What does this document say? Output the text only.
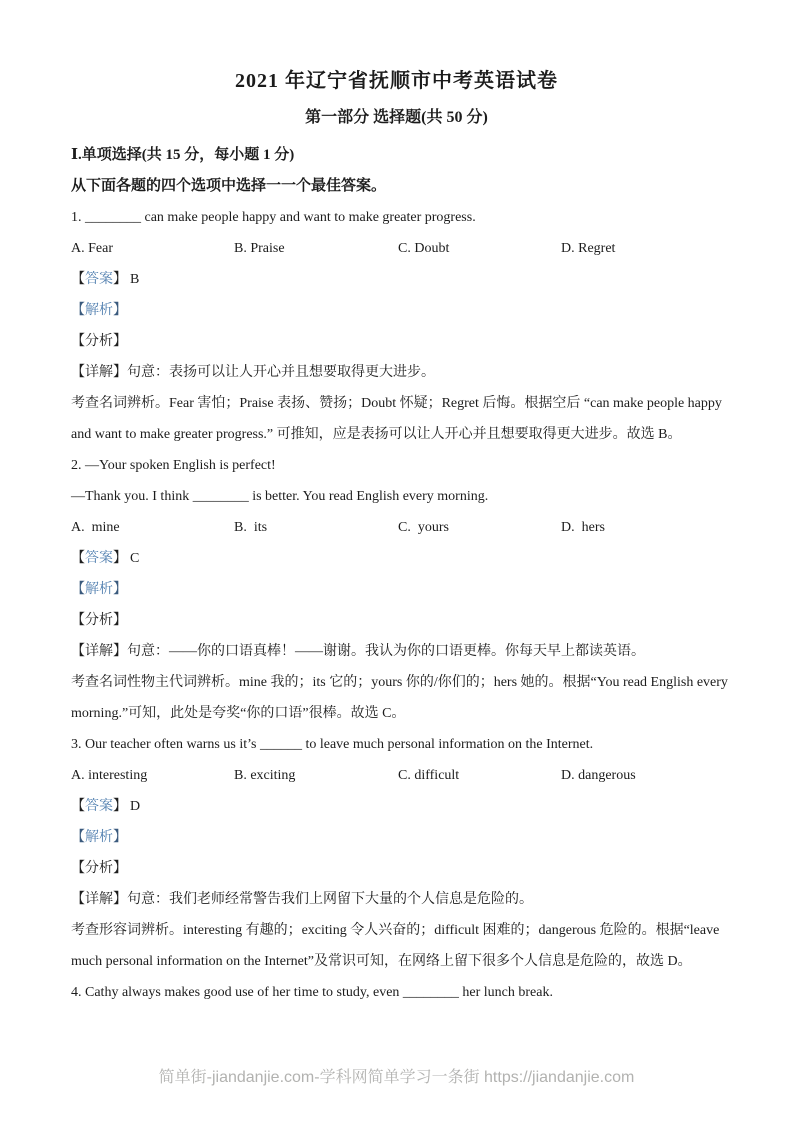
2021 年辽宁省抚顺市中考英语试卷
第一部分 选择题(共 50 分)
Ⅰ.单项选择(共 15 分，每小题 1 分)
从下面各题的四个选项中选择一一个最佳答案。
1. ________ can make people happy and want to make greater progress.
A. Fear	B. Praise	C. Doubt	D. Regret
【答案】 B
【解析】
【分析】
【详解】句意：表扬可以让人开心并且想要取得更大进步。
考查名词辨析。Fear 害怕；Praise 表扬、赞扬；Doubt 怀疑；Regret 后悔。根据空后 “can make people happy
and want to make greater progress.” 可推知，应是表扬可以让人开心并且想要取得更大进步。故选 B。
2. —Your spoken English is perfect!
—Thank you. I think ________ is better. You read English every morning.
A.  mine	B.  its	C.  yours	D.  hers
【答案】 C
【解析】
【分析】
【详解】句意：——你的口语真棒！——谢谢。我认为你的口语更棒。你每天早上都读英语。
考查名词性物主代词辨析。mine 我的；its 它的；yours 你的/你们的；hers 她的。根据“You read English every
morning.”可知，此处是夸奖“你的口语”很棒。故选 C。
3. Our teacher often warns us it’s ______ to leave much personal information on the Internet.
A. interesting	B. exciting	C. difficult	D. dangerous
【答案】 D
【解析】
【分析】
【详解】句意：我们老师经常警告我们上网留下大量的个人信息是危险的。
考查形容词辨析。interesting 有趣的；exciting 令人兴奋的；difficult 困难的；dangerous 危险的。根据“leave
much personal information on the Internet”及常识可知，在网络上留下很多个人信息是危险的，故选 D。
4. Cathy always makes good use of her time to study, even ________ her lunch break.
简单街-jiandanjie.com-学科网简单学习一条街 https://jiandanjie.com
